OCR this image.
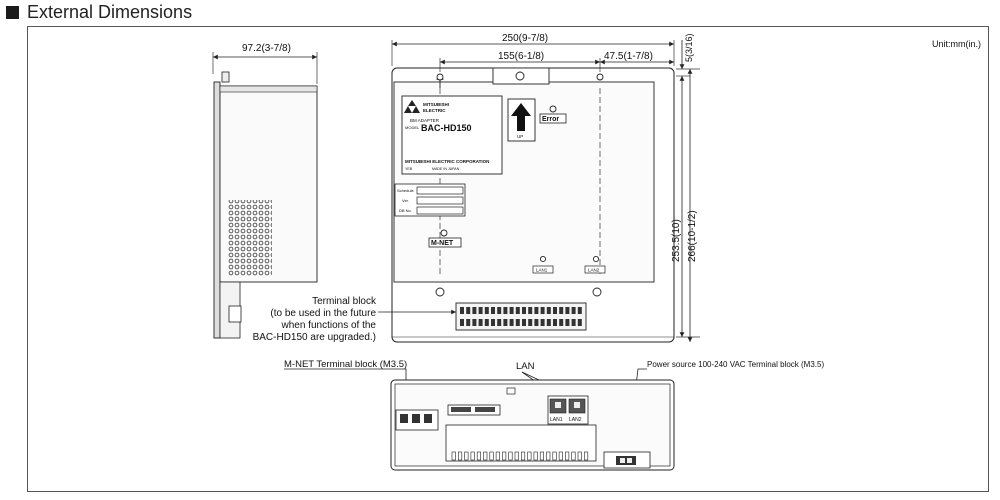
External Dimensions
Unit:mm(in.)
97.2(3-7/8)
MITSUBISHI
ELECTRIC
BM ADAPTER
MODEL BAC-HD150
MITSUBISHI ELECTRIC CORPORATION
YEB	MADE IN JAPAN
Schedule
Ver.
DB No.
UP
Error
M-NET
LAN1	LAN2
250(9-7/8)
155(6-1/8)	47.5(1-7/8)	5(3/16)
253.5(10) 266(10-1/2)
Terminal block
(to be used in the future
when functions of the
BAC-HD150 are upgraded.)
M-NET Terminal block (M3.5)	LAN	Power source 100-240 VAC Terminal block (M3.5)
LAN1 LAN2
